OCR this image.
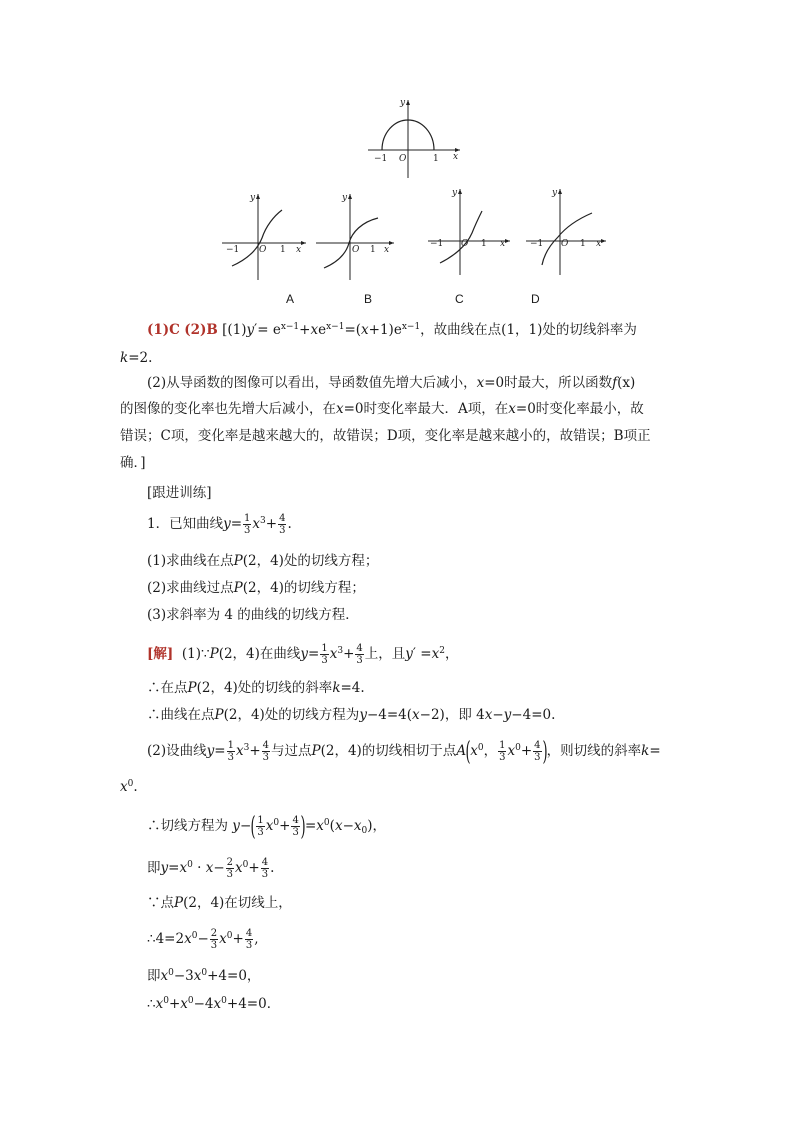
y
x
−1 O	1
y
x
−1 O 1
y
x
O 1
y
x
−1 O 1
y
x
−1 O 1
A	B	C	D
(1)C (2)B [$(1)y'= e^{x-1}+xe^{x-1}=(x+1)e^{x-1}$，故曲线在点(1，1)处的切线斜率为
k=2.
(2)从导函数的图像可以看出，导函数值先增大后减小，x=0时最大，所以函数f(x)
的图像的变化率也先增大后减小，在x=0时变化率最大．A项，在x=0时变化率最小，故
错误；C项，变化率是越来越大的，故错误；D项，变化率是越来越小的，故错误；B项正
确．]
[跟进训练]
1．已知曲线$y= \frac{1}{3} x^3+ \frac{4}{3}$ .
(1)求曲线在点P(2，4)处的切线方程；
(2)求曲线过点P(2，4)的切线方程；
(3)求斜率为 4 的曲线的切线方程．
[解] (1)∵P(2，4)在曲线$y= \frac{1}{3} x^3+ \frac{4}{3}$ 上，且$y' =x^2$，
∴在点P(2，4)处的切线的斜率k=4.
∴曲线在点P(2，4)处的切线方程为y−4=4(x−2)，即 4x−y−4=0.
(2)设曲线$y= \frac{1}{3} x^3+ \frac{4}{3}$ 与过点P(2，4)的切线相切于点$A(x^0$， $\frac{1}{3} x^0+ \frac{4}{3}$ )，则切线的斜率k=
$x^0$.
∴切线方程为 $y-( \frac{1}{3} x^0+ \frac{4}{3} )=x^0(x-x_0)$，
即$y=x^0 \cdot x- \frac{2}{3} x^0+ \frac{4}{3}$ .
∵点P(2，4)在切线上，
$\therefore 4=2x^0- \frac{2}{3} x^0+ \frac{4}{3}$ ,
即$x^0-3x^0+4=0$，
$\therefore x^0+x^0-4x^0+4=0$．
